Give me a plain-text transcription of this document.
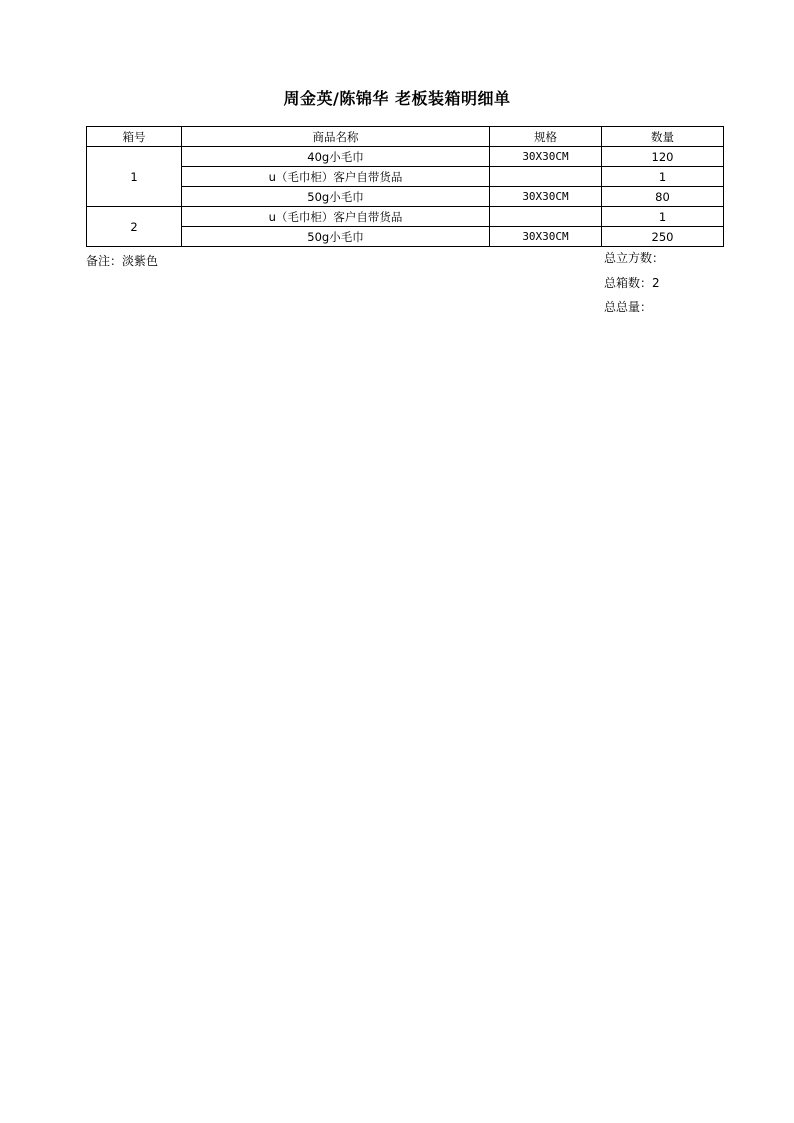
周金英/陈锦华 老板装箱明细单
箱号	商品名称	规格	数量
1	40g小毛巾	30X30CM	120
	u（毛巾柜）客户自带货品		1
	50g小毛巾	30X30CM	80
2	u（毛巾柜）客户自带货品		1
	50g小毛巾	30X30CM	250
备注：淡紫色	总立方数：
总箱数：2
总总量：
